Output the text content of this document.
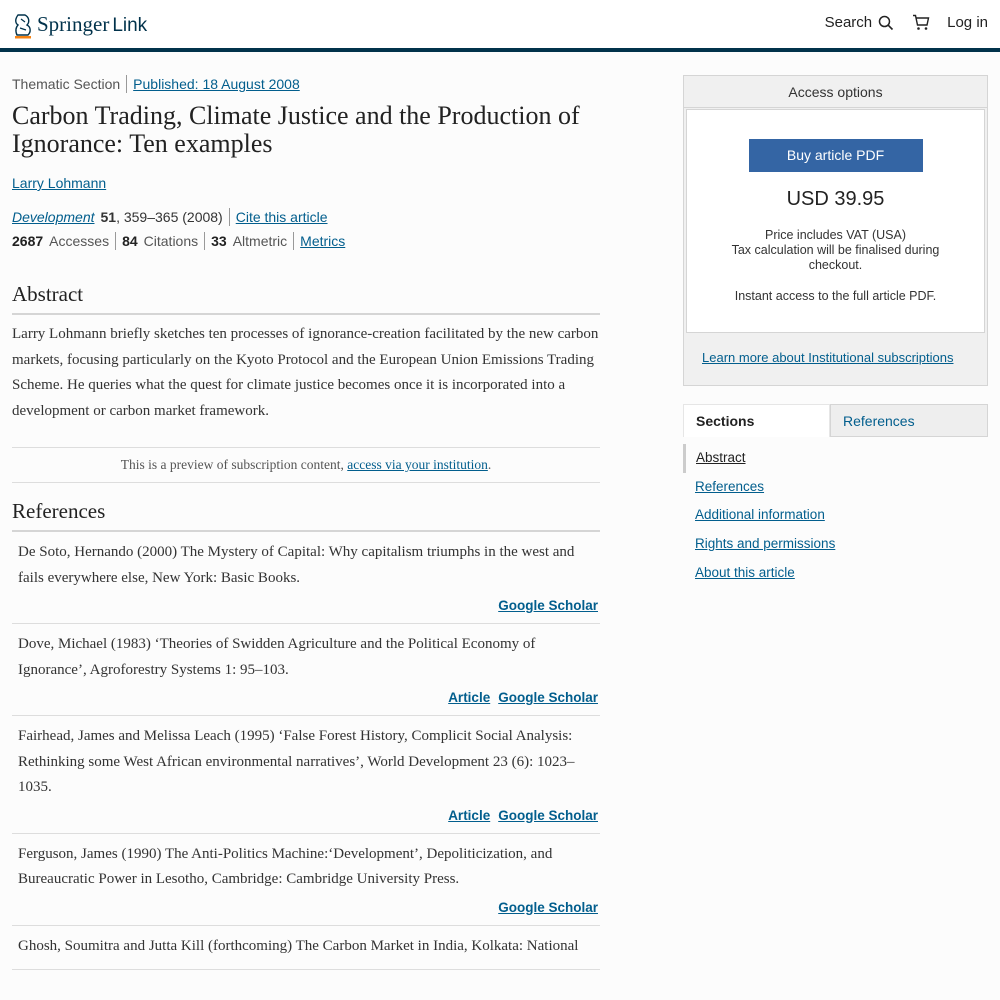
Springer Link	Search	Log in
Thematic Section Published: 18 August 2008
Carbon Trading, Climate Justice and the Production of Ignorance: Ten examples
Larry Lohmann
Development 51 , 359–365 (2008) Cite this article
2687 Accesses 84 Citations 33 Altmetric Metrics
Abstract

Larry Lohmann briefly sketches ten processes of ignorance-creation facilitated by the new carbon markets, focusing particularly on the Kyoto Protocol and the European Union Emissions Trading Scheme. He queries what the quest for climate justice becomes once it is incorporated into a development or carbon market framework.

This is a preview of subscription content, access via your institution.
References

De Soto, Hernando (2000) The Mystery of Capital: Why capitalism triumphs in the west and fails everywhere else, New York: Basic Books.

Google Scholar

Dove, Michael (1983) ‘Theories of Swidden Agriculture and the Political Economy of Ignorance’, Agroforestry Systems 1: 95–103.

Article Google Scholar

Fairhead, James and Melissa Leach (1995) ‘False Forest History, Complicit Social Analysis: Rethinking some West African environmental narratives’, World Development 23 (6): 1023–1035.

Article Google Scholar

Ferguson, James (1990) The Anti-Politics Machine:‘Development’, Depoliticization, and Bureaucratic Power in Lesotho, Cambridge: Cambridge University Press.

Google Scholar

Ghosh, Soumitra and Jutta Kill (forthcoming) The Carbon Market in India, Kolkata: National

Access options
Buy article PDF
USD 39.95
Price includes VAT (USA)
Tax calculation will be finalised during checkout.
Instant access to the full article PDF.
Learn more about Institutional subscriptions
Sections	References
Abstract
References
Additional information
Rights and permissions
About this article
